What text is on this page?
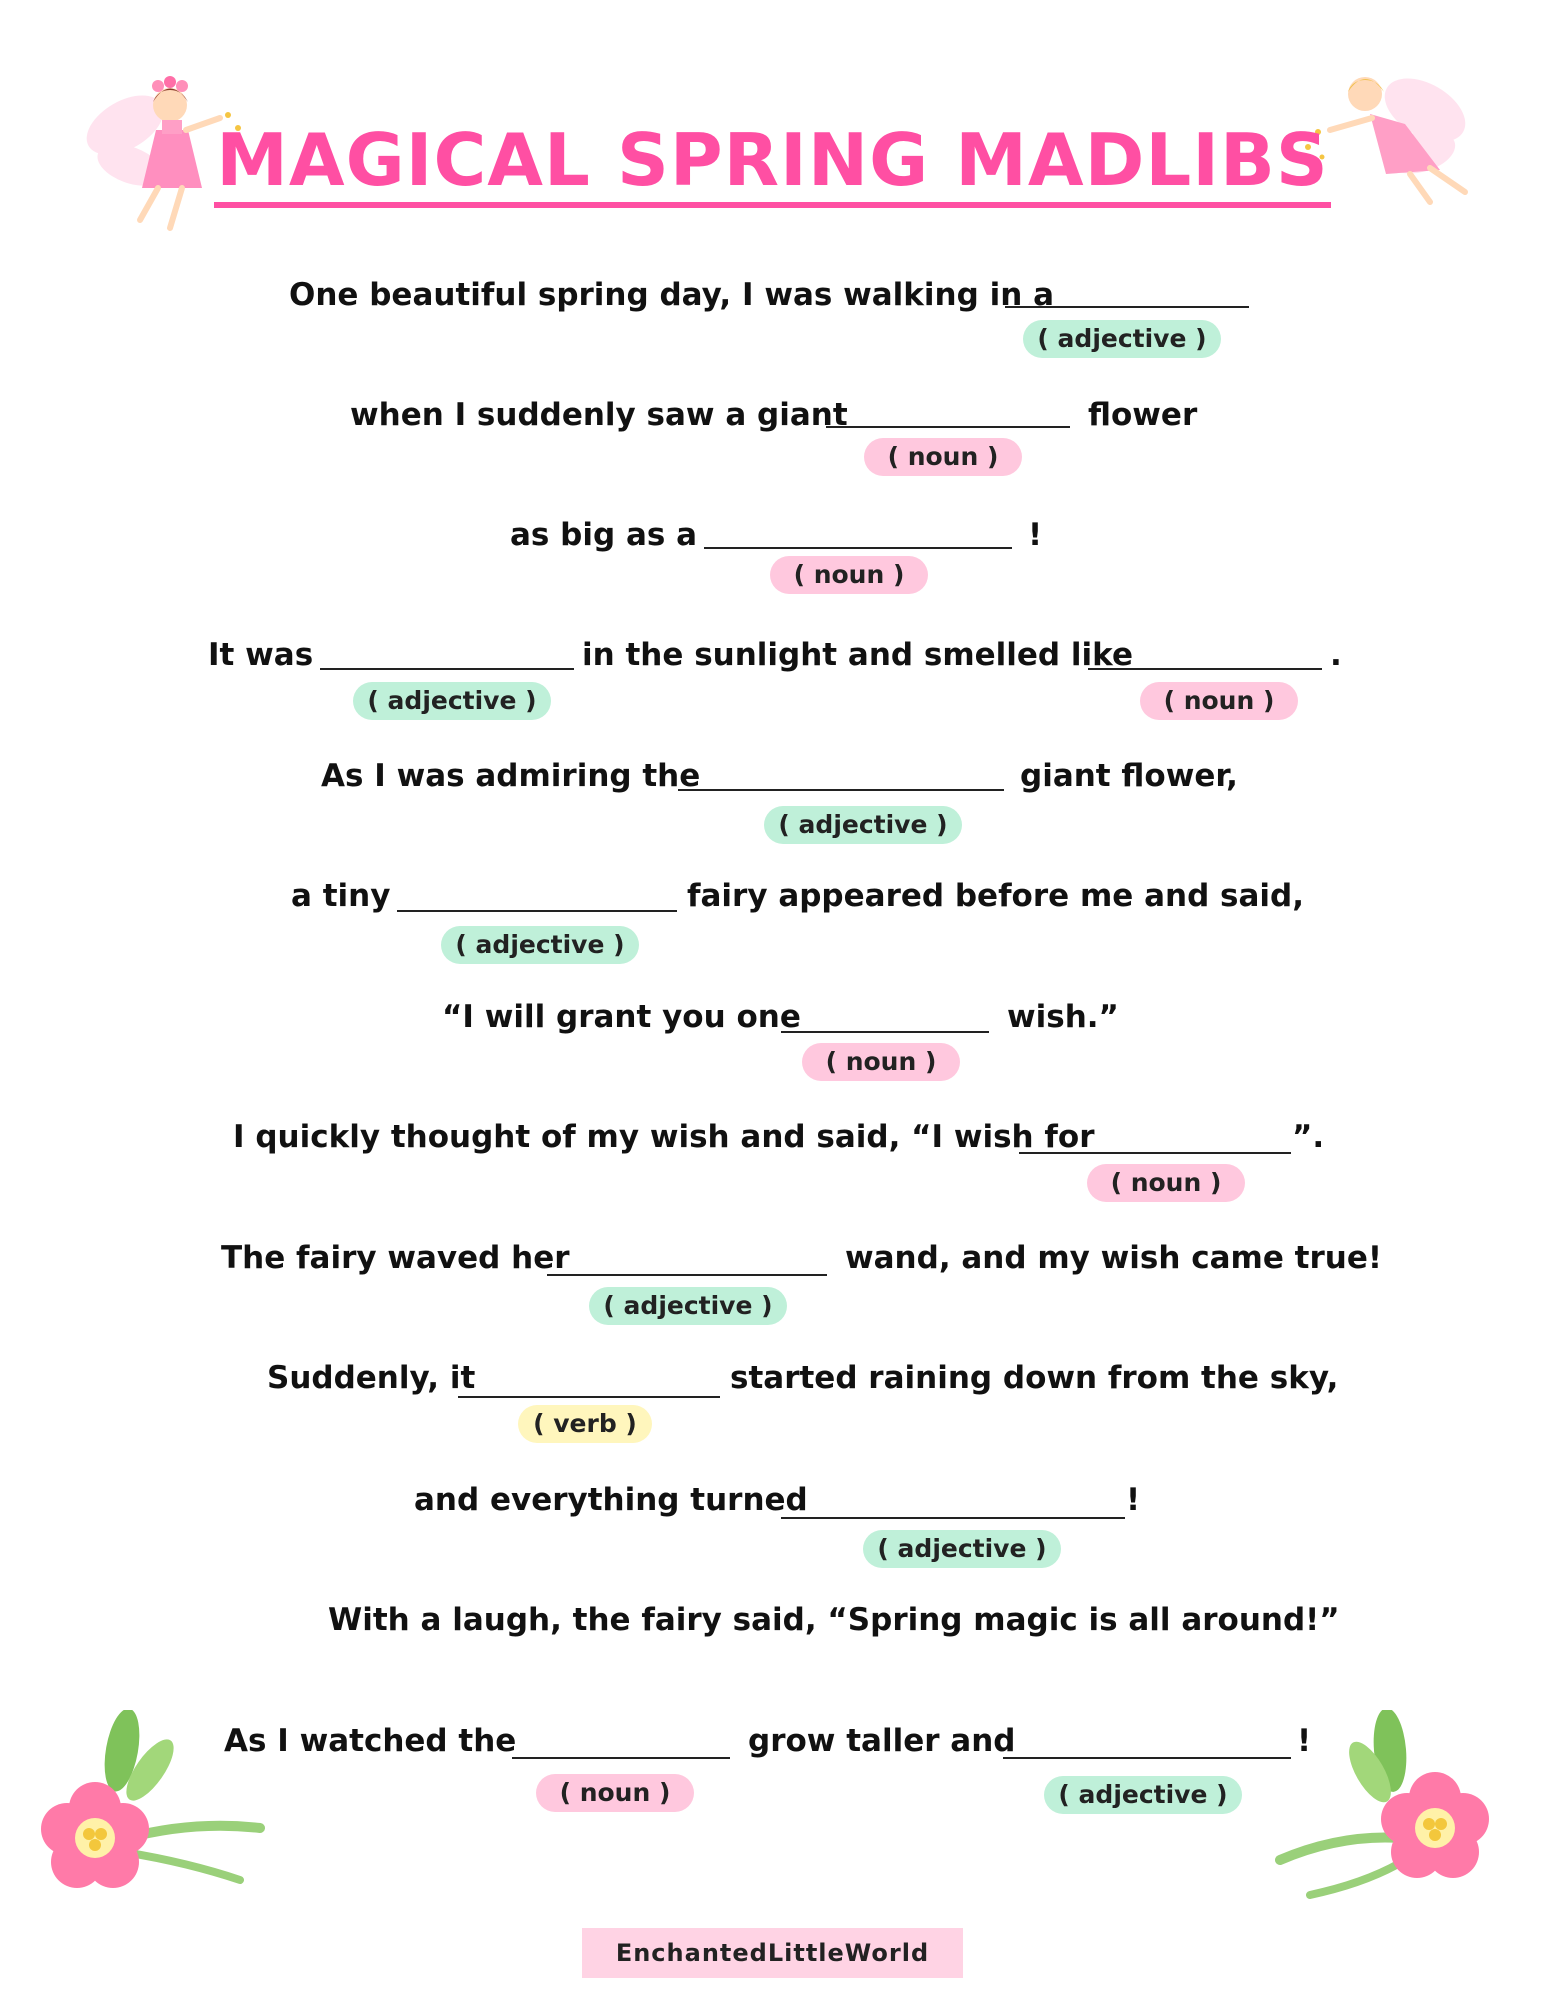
MAGICAL SPRING MADLIBS

One beautiful spring day, I was walking in a

( adjective )

when I suddenly saw a giant	flower

( noun )

as big as a	!

( noun )

It was	in the sunlight and smelled like	.

( adjective )	( noun )

As I was admiring the	giant flower,

( adjective )

a tiny	fairy appeared before me and said,

( adjective )

“I will grant you one	wish.”

( noun )

I quickly thought of my wish and said, “I wish for	”.

( noun )

The fairy waved her	wand, and my wish came true!

( adjective )

Suddenly, it	started raining down from the sky,

( verb )

and everything turned	!

( adjective )

With a laugh, the fairy said, “Spring magic is all around!”

As I watched the	grow taller and	!

( noun )	( adjective )
EnchantedLittleWorld
